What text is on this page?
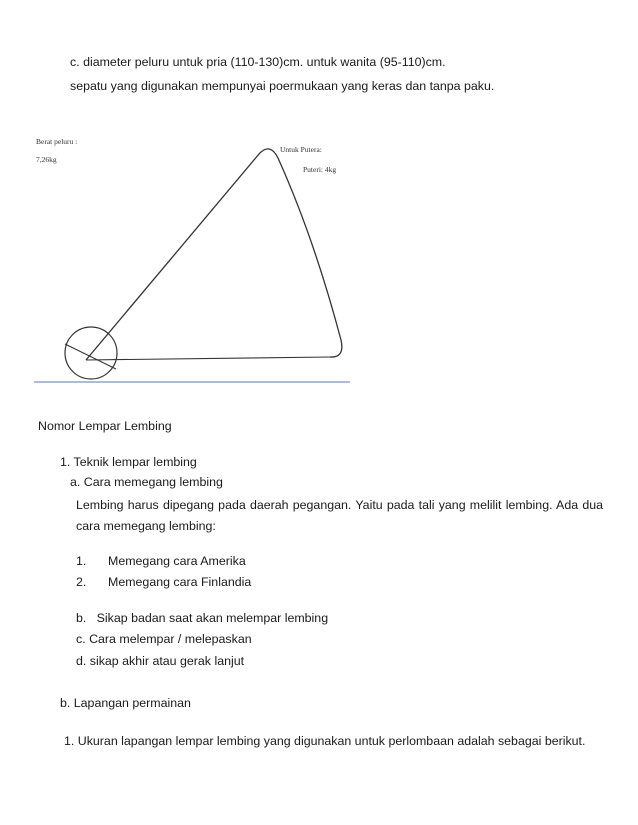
c. diameter peluru untuk pria (110-130)cm. untuk wanita (95-110)cm.
sepatu yang digunakan mempunyai poermukaan yang keras dan tanpa paku.
Berat peluru :
7,26kg
Untuk Putera:
Puteri: 4kg
Nomor Lempar Lembing
1. Teknik lempar lembing
a. Cara memegang lembing
Lembing harus dipegang pada daerah pegangan. Yaitu pada tali yang melilit lembing. Ada dua cara memegang lembing:
1. Memegang cara Amerika
2. Memegang cara Finlandia
b.   Sikap badan saat akan melempar lembing
c. Cara melempar / melepaskan
d. sikap akhir atau gerak lanjut
b. Lapangan permainan
1. Ukuran lapangan lempar lembing yang digunakan untuk perlombaan adalah sebagai berikut.
